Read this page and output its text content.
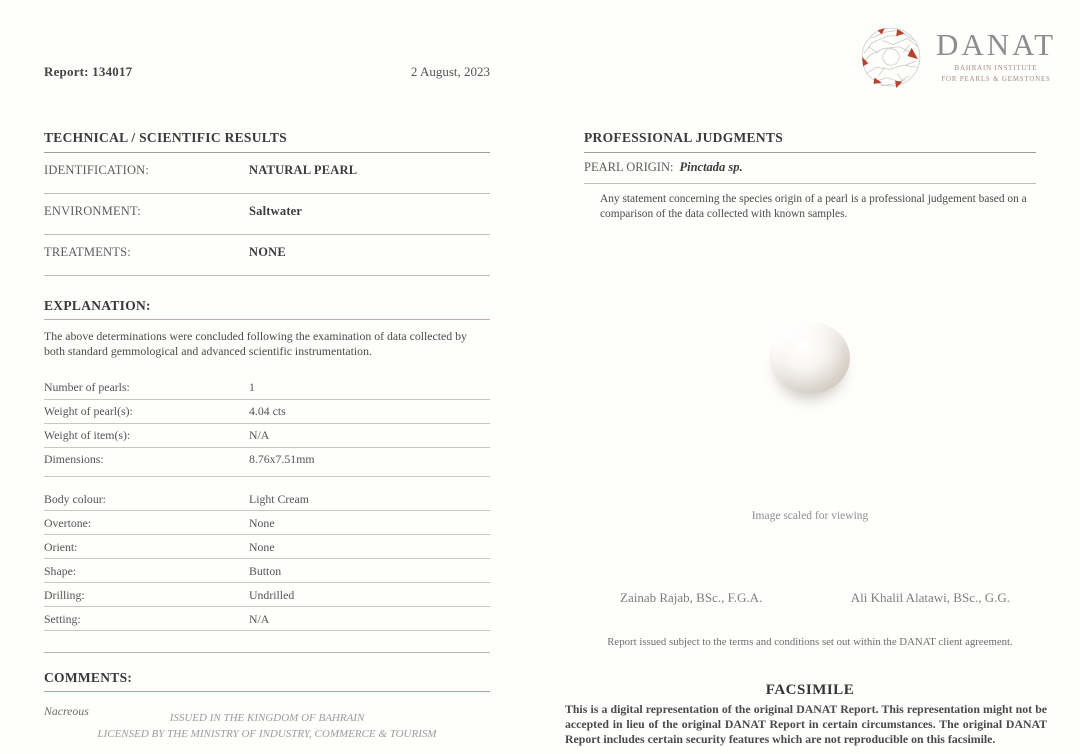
Report: 134017	2 August, 2023
DANAT
BAHRAIN INSTITUTE
FOR PEARLS & GEMSTONES
TECHNICAL / SCIENTIFIC RESULTS
IDENTIFICATION:	NATURAL PEARL
ENVIRONMENT:	Saltwater
TREATMENTS:	NONE
EXPLANATION:
The above determinations were concluded following the examination of data collected by both standard gemmological and advanced scientific instrumentation.
Number of pearls:	1
Weight of pearl(s):	4.04 cts
Weight of item(s):	N/A
Dimensions:	8.76x7.51mm
Body colour:	Light Cream
Overtone:	None
Orient:	None
Shape:	Button
Drilling:	Undrilled
Setting:	N/A
COMMENTS:
Nacreous	ISSUED IN THE KINGDOM OF BAHRAIN
LICENSED BY THE MINISTRY OF INDUSTRY, COMMERCE & TOURISM
PROFESSIONAL JUDGMENTS
PEARL ORIGIN: Pinctada sp.
Any statement concerning the species origin of a pearl is a professional judgement based on a comparison of the data collected with known samples.
Image scaled for viewing
Zainab Rajab, BSc., F.G.A.	Ali Khalil Alatawi, BSc., G.G.
Report issued subject to the terms and conditions set out within the DANAT client agreement.
FACSIMILE
This is a digital representation of the original DANAT Report. This representation might not be accepted in lieu of the original DANAT Report in certain circumstances. The original DANAT Report includes certain security features which are not reproducible on this facsimile.
